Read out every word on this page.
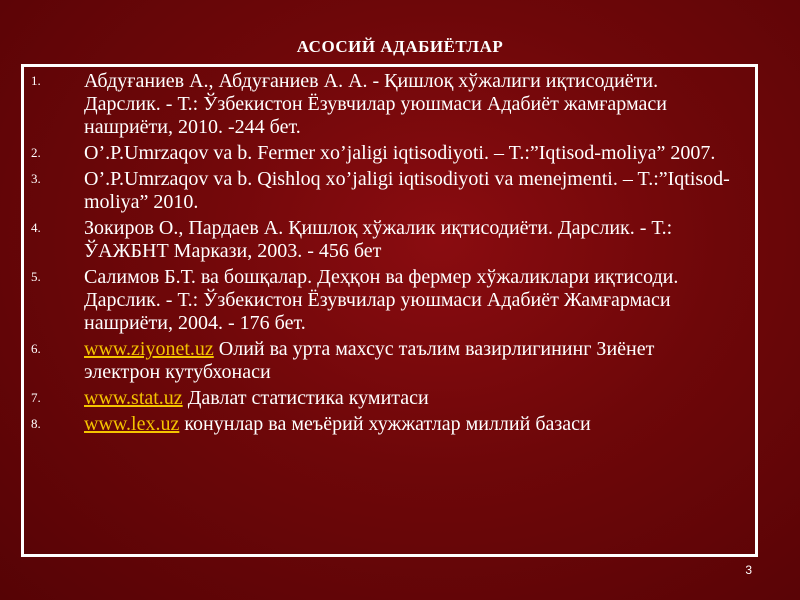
АСОСИЙ АДАБИЁТЛАР
1. Абдуғаниев А., Абдуғаниев А. А. - Қишлоқ хўжалиги иқтисодиёти. Дарслик. - Т.: Ўзбекистон Ёзувчилар уюшмаси Адабиёт жамғармаси нашриёти, 2010. -244 бет.
2. O’.P.Umrzaqov va b. Fermer xo’jaligi iqtisodiyoti. – T.:”Iqtisod-moliya” 2007.
3. O’.P.Umrzaqov va b. Qishloq xo’jaligi iqtisodiyoti va menejmenti. – T.:”Iqtisod-moliya” 2010.
4. Зокиров О., Пардаев А. Қишлоқ хўжалик иқтисодиёти. Дарслик. - Т.: ЎАЖБНТ Маркази, 2003. - 456 бет
5. Салимов Б.Т. ва бошқалар. Деҳқон ва фермер хўжаликлари иқтисоди. Дарслик. - Т.: Ўзбекистон Ёзувчилар уюшмаси Адабиёт Жамғармаси нашриёти, 2004. - 176 бет.
6. www.ziyonet.uz Олий ва урта махсус таълим вазирлигининг Зиёнет электрон кутубхонаси
7. www.stat.uz Давлат статистика кумитаси
8. www.lex.uz конунлар ва меъёрий хужжатлар миллий базаси
3
